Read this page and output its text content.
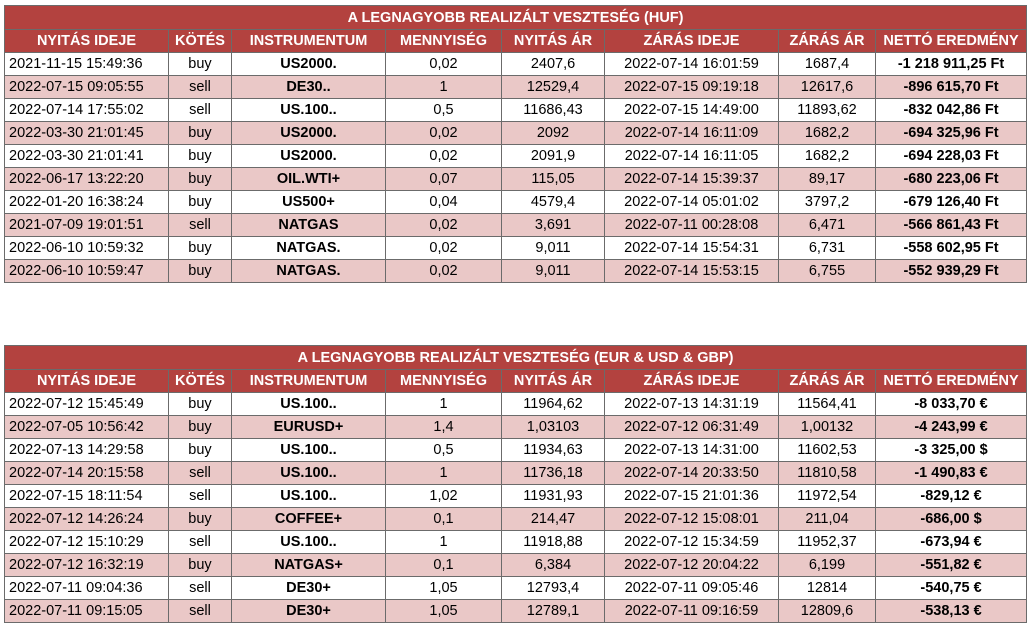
A LEGNAGYOBB REALIZÁLT VESZTESÉG (HUF)							
NYITÁS IDEJE	KÖTÉS	INSTRUMENTUM	MENNYISÉG	NYITÁS ÁR	ZÁRÁS IDEJE	ZÁRÁS ÁR	NETTÓ EREDMÉNY
2021-11-15 15:49:36	buy	US2000.	0,02	2407,6	2022-07-14 16:01:59	1687,4	-1 218 911,25 Ft
2022-07-15 09:05:55	sell	DE30..	1	12529,4	2022-07-15 09:19:18	12617,6	-896 615,70 Ft
2022-07-14 17:55:02	sell	US.100..	0,5	11686,43	2022-07-15 14:49:00	11893,62	-832 042,86 Ft
2022-03-30 21:01:45	buy	US2000.	0,02	2092	2022-07-14 16:11:09	1682,2	-694 325,96 Ft
2022-03-30 21:01:41	buy	US2000.	0,02	2091,9	2022-07-14 16:11:05	1682,2	-694 228,03 Ft
2022-06-17 13:22:20	buy	OIL.WTI+	0,07	115,05	2022-07-14 15:39:37	89,17	-680 223,06 Ft
2022-01-20 16:38:24	buy	US500+	0,04	4579,4	2022-07-14 05:01:02	3797,2	-679 126,40 Ft
2021-07-09 19:01:51	sell	NATGAS	0,02	3,691	2022-07-11 00:28:08	6,471	-566 861,43 Ft
2022-06-10 10:59:32	buy	NATGAS.	0,02	9,011	2022-07-14 15:54:31	6,731	-558 602,95 Ft
2022-06-10 10:59:47	buy	NATGAS.	0,02	9,011	2022-07-14 15:53:15	6,755	-552 939,29 Ft
A LEGNAGYOBB REALIZÁLT VESZTESÉG (EUR & USD & GBP)							
NYITÁS IDEJE	KÖTÉS	INSTRUMENTUM	MENNYISÉG	NYITÁS ÁR	ZÁRÁS IDEJE	ZÁRÁS ÁR	NETTÓ EREDMÉNY
2022-07-12 15:45:49	buy	US.100..	1	11964,62	2022-07-13 14:31:19	11564,41	-8 033,70 €
2022-07-05 10:56:42	buy	EURUSD+	1,4	1,03103	2022-07-12 06:31:49	1,00132	-4 243,99 €
2022-07-13 14:29:58	buy	US.100..	0,5	11934,63	2022-07-13 14:31:00	11602,53	-3 325,00 $
2022-07-14 20:15:58	sell	US.100..	1	11736,18	2022-07-14 20:33:50	11810,58	-1 490,83 €
2022-07-15 18:11:54	sell	US.100..	1,02	11931,93	2022-07-15 21:01:36	11972,54	-829,12 €
2022-07-12 14:26:24	buy	COFFEE+	0,1	214,47	2022-07-12 15:08:01	211,04	-686,00 $
2022-07-12 15:10:29	sell	US.100..	1	11918,88	2022-07-12 15:34:59	11952,37	-673,94 €
2022-07-12 16:32:19	buy	NATGAS+	0,1	6,384	2022-07-12 20:04:22	6,199	-551,82 €
2022-07-11 09:04:36	sell	DE30+	1,05	12793,4	2022-07-11 09:05:46	12814	-540,75 €
2022-07-11 09:15:05	sell	DE30+	1,05	12789,1	2022-07-11 09:16:59	12809,6	-538,13 €
